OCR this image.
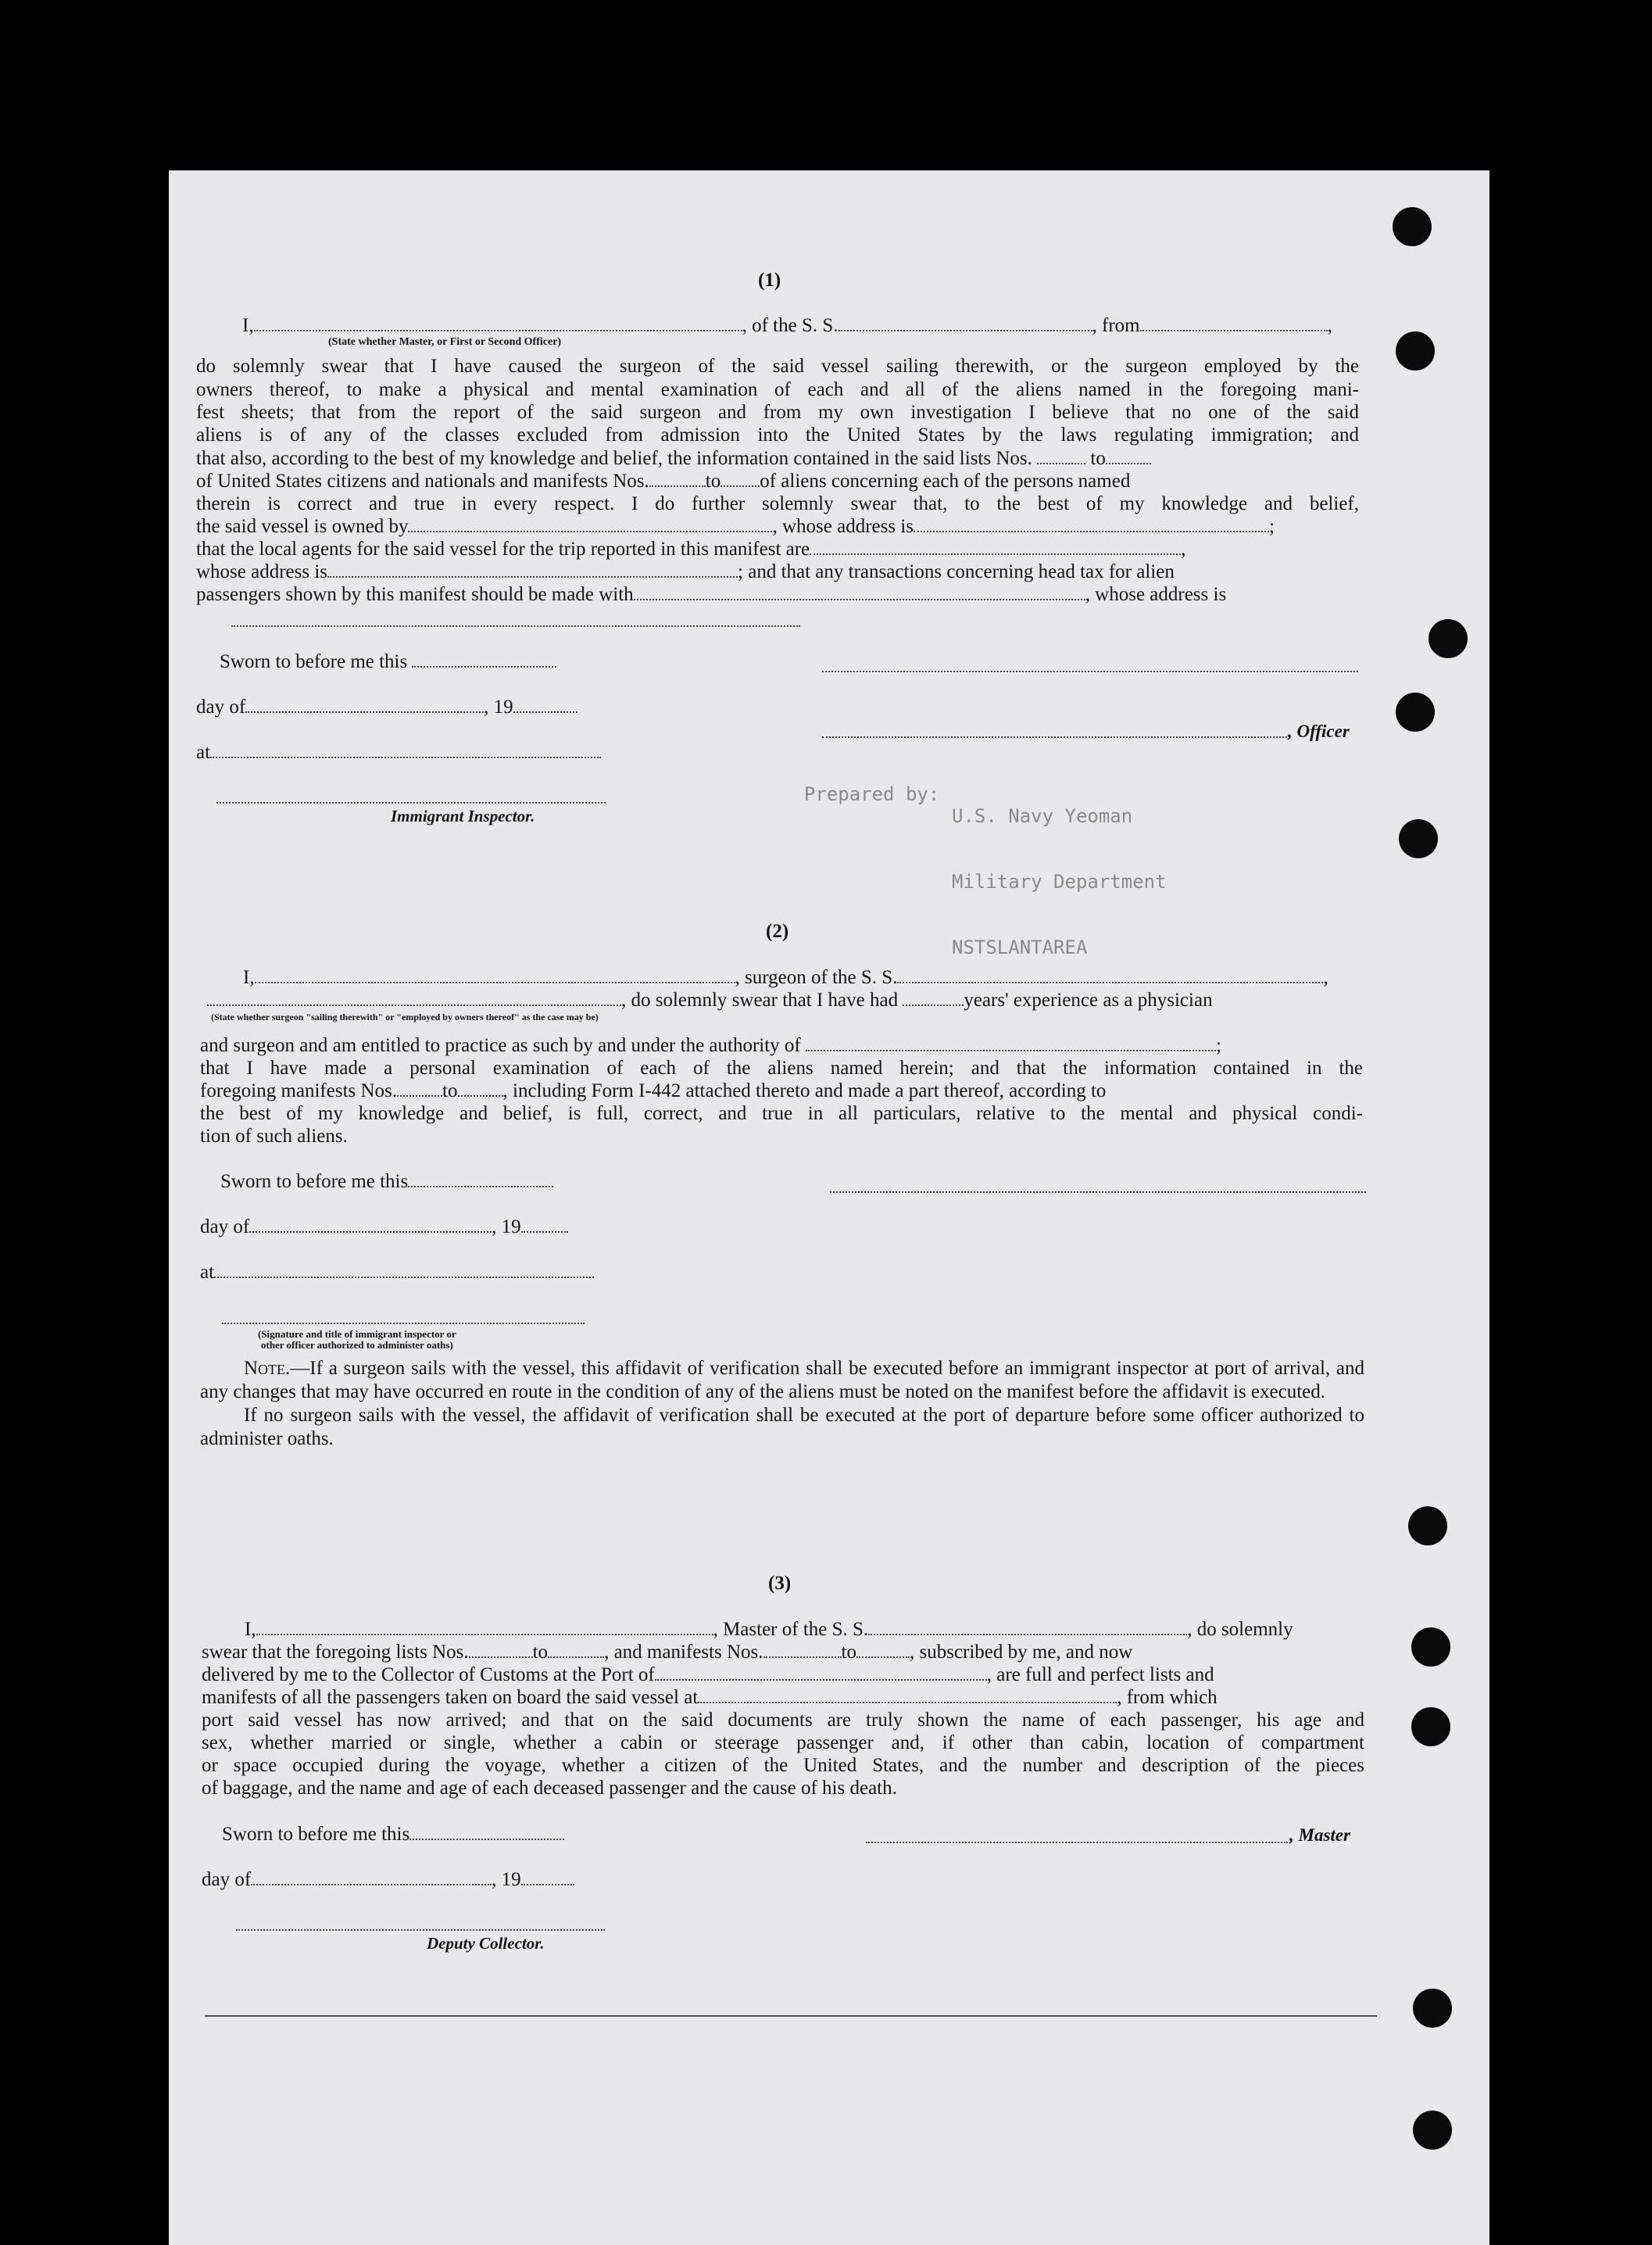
(1)
I,	, of the S. S.	, from	,
(State whether Master, or First or Second Officer)
do solemnly swear that I have caused the surgeon of the said vessel sailing therewith, or the surgeon employed by the
owners thereof, to make a physical and mental examination of each and all of the aliens named in the foregoing mani-
fest sheets; that from the report of the said surgeon and from my own investigation I believe that no one of the said
aliens is of any of the classes excluded from admission into the United States by the laws regulating immigration; and
that also, according to the best of my knowledge and belief, the information contained in the said lists Nos.	to
of United States citizens and nationals and manifests Nos.	to of aliens concerning each of the persons named
therein is correct and true in every respect. I do further solemnly swear that, to the best of my knowledge and belief,
the said vessel is owned by	, whose address is	;
that the local agents for the said vessel for the trip reported in this manifest are	,
whose address is	; and that any transactions concerning head tax for alien
passengers shown by this manifest should be made with	, whose address is
Sworn to before me this
day of	, 19
, Officer
at
Immigrant Inspector.

Prepared by:

U.S. Navy Yeoman

Military Department

NSTSLANTAREA

(2)
I,	, surgeon of the S. S.	,
, do solemnly swear that I have had	years' experience as a physician
(State whether surgeon "sailing therewith" or "employed by owners thereof" as the case may be)
and surgeon and am entitled to practice as such by and under the authority of	;
that I have made a personal examination of each of the aliens named herein; and that the information contained in the
foregoing manifests Nos. to , including Form I-442 attached thereto and made a part thereof, according to
the best of my knowledge and belief, is full, correct, and true in all particulars, relative to the mental and physical condi-
tion of such aliens.
Sworn to before me this
day of	, 19
at
(Signature and title of immigrant inspector or
other officer authorized to administer oaths)

Note.—If a surgeon sails with the vessel, this affidavit of verification shall be executed before an immigrant inspector at port of arrival, and any changes that may have occurred en route in the condition of any of the aliens must be noted on the manifest before the affidavit is executed.

If no surgeon sails with the vessel, the affidavit of verification shall be executed at the port of departure before some officer authorized to administer oaths.

(3)
I,	, Master of the S. S.	, do solemnly
swear that the foregoing lists Nos.	to	, and manifests Nos.	to	, subscribed by me, and now
delivered by me to the Collector of Customs at the Port of	, are full and perfect lists and
manifests of all the passengers taken on board the said vessel at	, from which
port said vessel has now arrived; and that on the said documents are truly shown the name of each passenger, his age and
sex, whether married or single, whether a cabin or steerage passenger and, if other than cabin, location of compartment
or space occupied during the voyage, whether a citizen of the United States, and the number and description of the pieces
of baggage, and the name and age of each deceased passenger and the cause of his death.
Sworn to before me this	, Master
day of	, 19
Deputy Collector.
